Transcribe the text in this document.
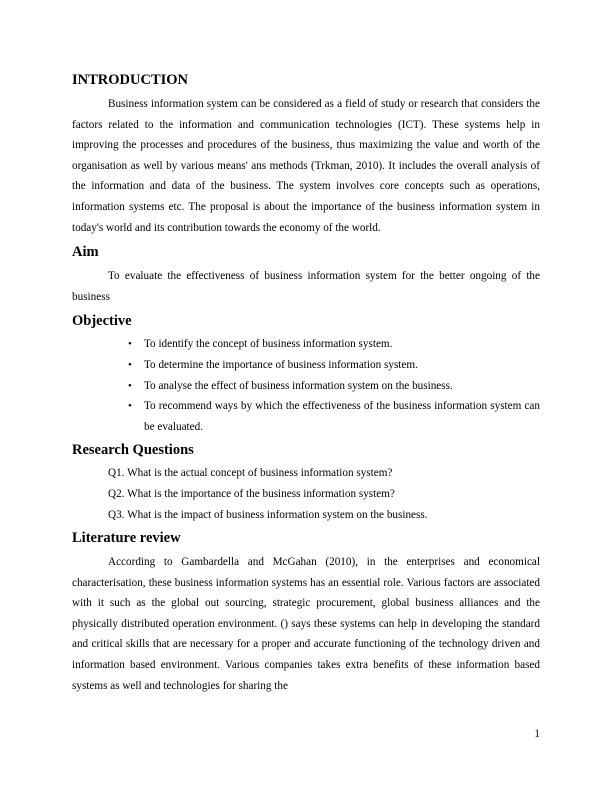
INTRODUCTION

Business information system can be considered as a field of study or research that considers the factors related to the information and communication technologies (ICT). These systems help in improving the processes and procedures of the business, thus maximizing the value and worth of the organisation as well by various means' ans methods (Trkman, 2010). It includes the overall analysis of the information and data of the business. The system involves core concepts such as operations, information systems etc. The proposal is about the importance of the business information system in today's world and its contribution towards the economy of the world.

Aim

To evaluate the effectiveness of business information system for the better ongoing of the business

Objective
• To identify the concept of business information system.
• To determine the importance of business information system.
• To analyse the effect of business information system on the business.
• To recommend ways by which the effectiveness of the business information system can be evaluated.
Research Questions
Q1. What is the actual concept of business information system?
Q2. What is the importance of the business information system?
Q3. What is the impact of business information system on the business.
Literature review

According to Gambardella and McGahan (2010), in the enterprises and economical characterisation, these business information systems has an essential role. Various factors are associated with it such as the global out sourcing, strategic procurement, global business alliances and the physically distributed operation environment. () says these systems can help in developing the standard and critical skills that are necessary for a proper and accurate functioning of the technology driven and information based environment. Various companies takes extra benefits of these information based systems as well and technologies for sharing the

1
